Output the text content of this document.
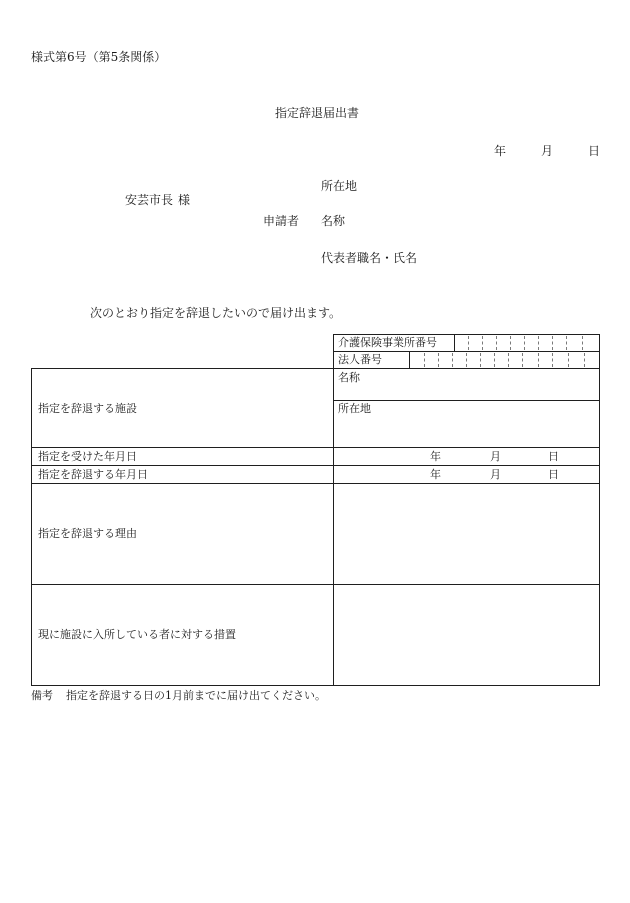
様式第6号（第5条関係）
指定辞退届出書
年	月	日
所在地
安芸市長 様
申請者 名称
代表者職名・氏名
次のとおり指定を辞退したいので届け出ます。
介護保険事業所番号
法人番号
指定を辞退する施設
名称
所在地
指定を受けた年月日	年	月	日
指定を辞退する年月日	年	月	日
指定を辞退する理由
現に施設に入所している者に対する措置
備考 指定を辞退する日の1月前までに届け出てください。
